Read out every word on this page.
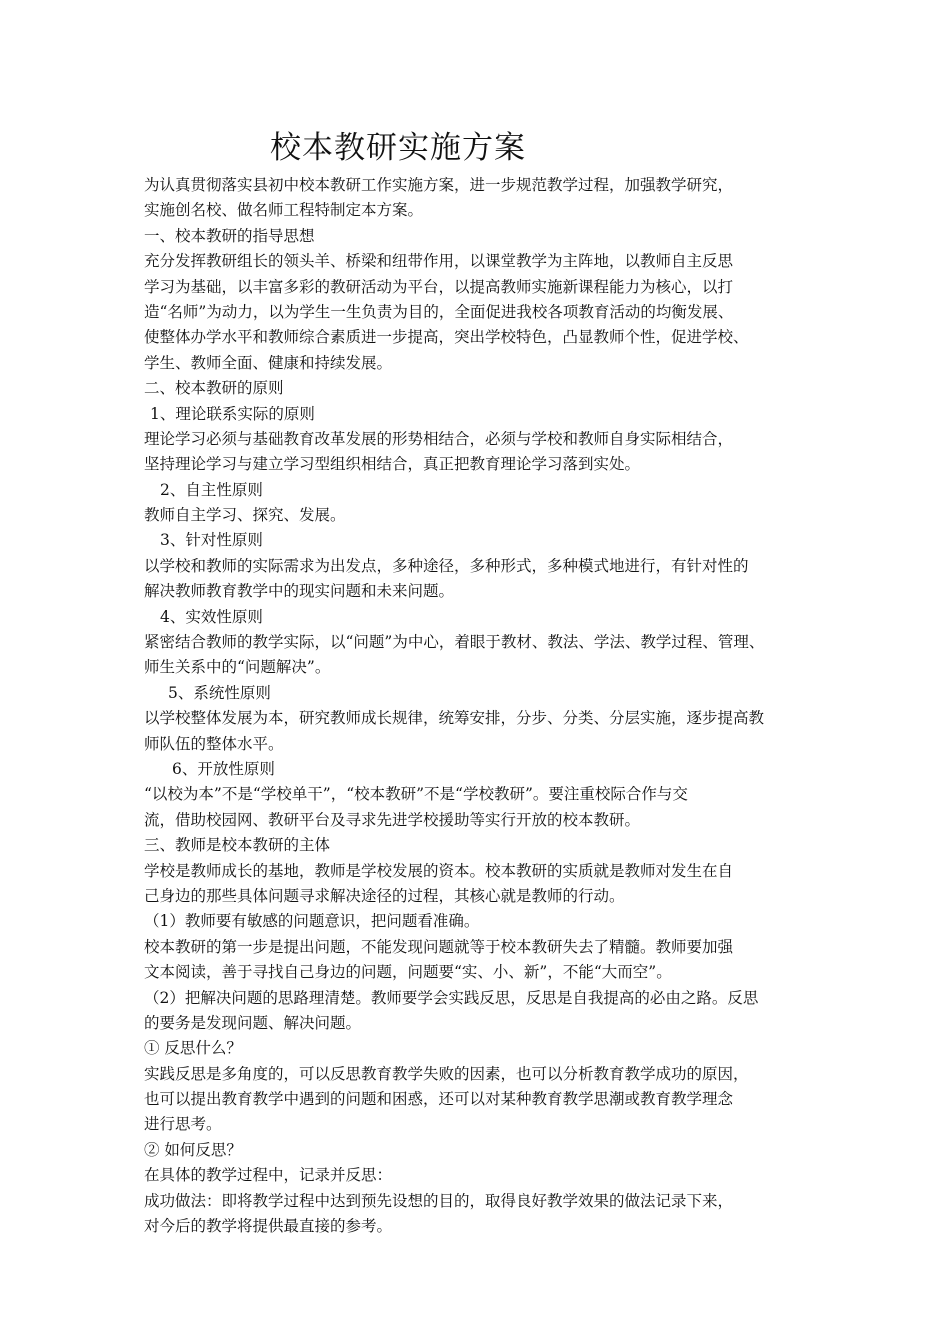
校本教研实施方案
为认真贯彻落实县初中校本教研工作实施方案，进一步规范教学过程，加强教学研究，
实施创名校、做名师工程特制定本方案。
一、校本教研的指导思想
充分发挥教研组长的领头羊、桥梁和纽带作用，以课堂教学为主阵地，以教师自主反思
学习为基础，以丰富多彩的教研活动为平台，以提高教师实施新课程能力为核心，以打
造“名师”为动力，以为学生一生负责为目的，全面促进我校各项教育活动的均衡发展、
使整体办学水平和教师综合素质进一步提高，突出学校特色，凸显教师个性，促进学校、
学生、教师全面、健康和持续发展。
二、校本教研的原则
1、理论联系实际的原则
理论学习必须与基础教育改革发展的形势相结合，必须与学校和教师自身实际相结合，
坚持理论学习与建立学习型组织相结合，真正把教育理论学习落到实处。
2、自主性原则
教师自主学习、探究、发展。
3、针对性原则
以学校和教师的实际需求为出发点，多种途径，多种形式，多种模式地进行，有针对性的
解决教师教育教学中的现实问题和未来问题。
4、实效性原则
紧密结合教师的教学实际，以“问题”为中心，着眼于教材、教法、学法、教学过程、管理、
师生关系中的“问题解决”。
5、系统性原则
以学校整体发展为本，研究教师成长规律，统筹安排，分步、分类、分层实施，逐步提高教
师队伍的整体水平。
6、开放性原则
“以校为本”不是“学校单干”，“校本教研”不是“学校教研”。要注重校际合作与交
流，借助校园网、教研平台及寻求先进学校援助等实行开放的校本教研。
三、教师是校本教研的主体
学校是教师成长的基地，教师是学校发展的资本。校本教研的实质就是教师对发生在自
己身边的那些具体问题寻求解决途径的过程，其核心就是教师的行动。
（1）教师要有敏感的问题意识，把问题看准确。
校本教研的第一步是提出问题，不能发现问题就等于校本教研失去了精髓。教师要加强
文本阅读，善于寻找自己身边的问题，问题要“实、小、新”，不能“大而空”。
（2）把解决问题的思路理清楚。教师要学会实践反思，反思是自我提高的必由之路。反思
的要务是发现问题、解决问题。
① 反思什么？
实践反思是多角度的，可以反思教育教学失败的因素，也可以分析教育教学成功的原因，
也可以提出教育教学中遇到的问题和困惑，还可以对某种教育教学思潮或教育教学理念
进行思考。
② 如何反思？
在具体的教学过程中，记录并反思：
成功做法：即将教学过程中达到预先设想的目的，取得良好教学效果的做法记录下来，
对今后的教学将提供最直接的参考。
